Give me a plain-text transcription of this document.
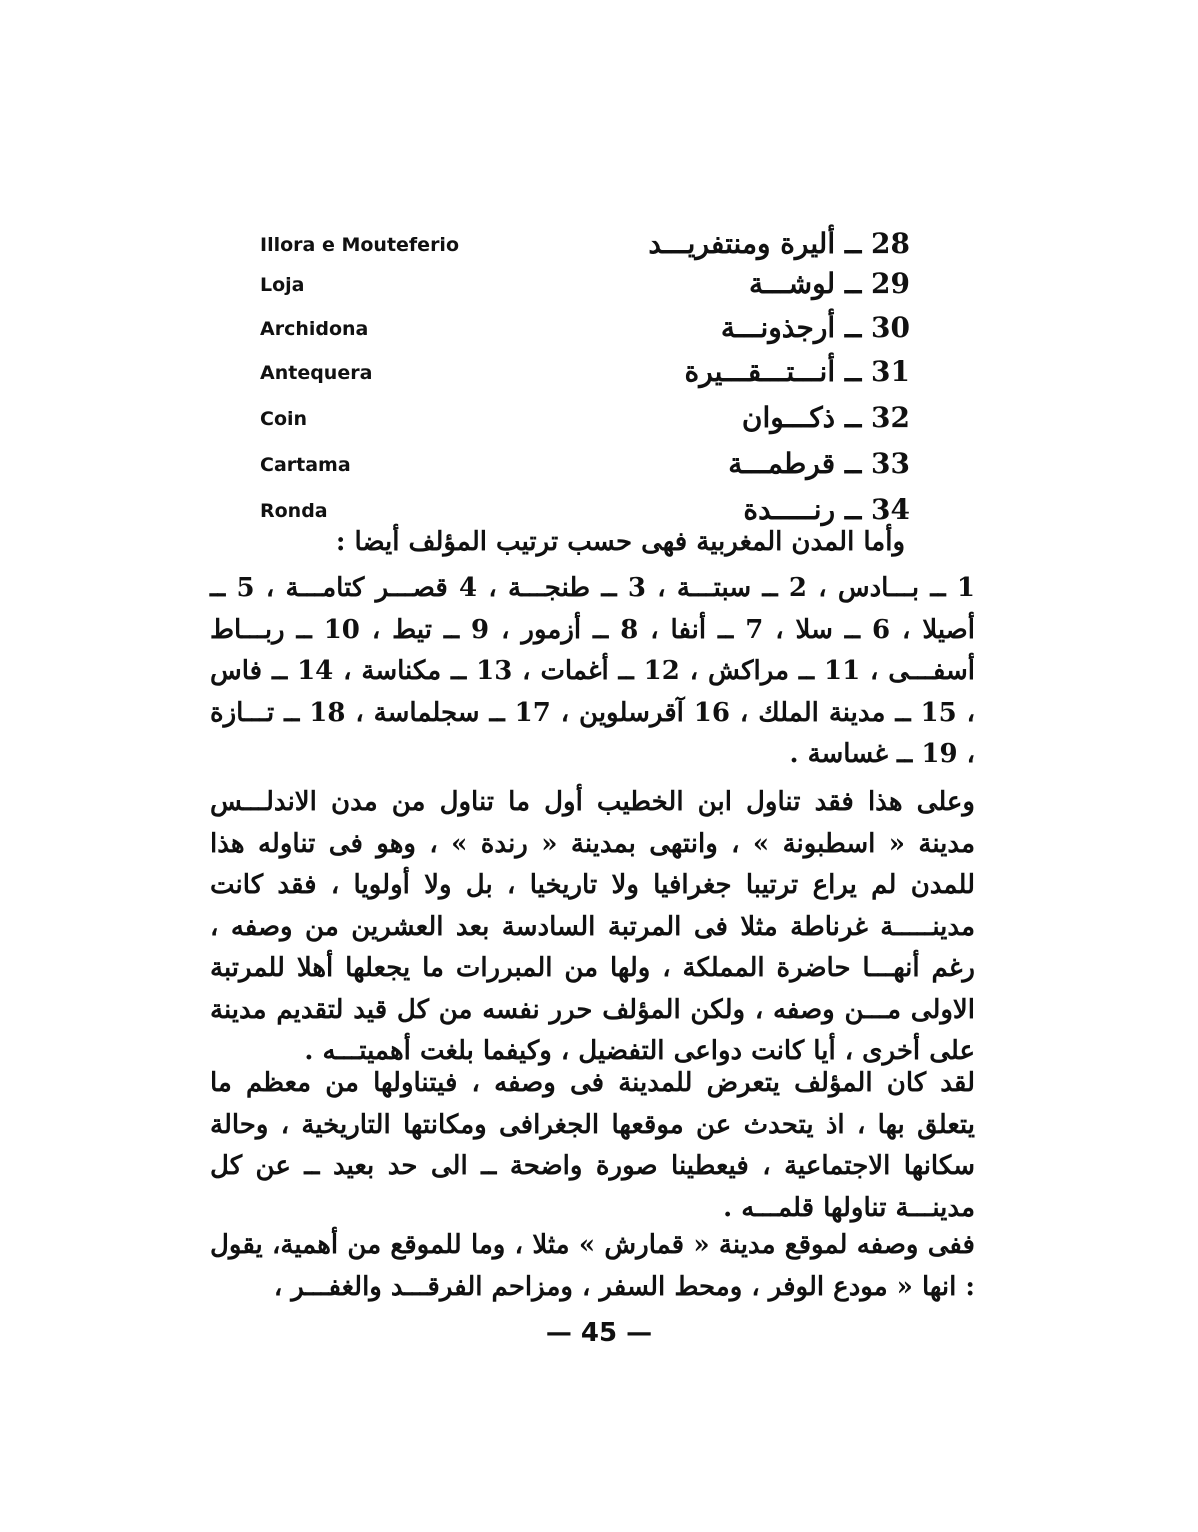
Illora e Mouteferio	28 ــ أليرة ومنتفريـــد
Loja	29 ــ لوشـــة
Archidona	30 ــ أرجذونـــة
Antequera	31 ــ أنـــتـــقـــيرة
Coin	32 ــ ذكـــوان
Cartama	33 ــ قرطمـــة
Ronda	34 ــ رنـــــدة

وأما المدن المغربية فهى حسب ترتيب المؤلف أيضا :

1 ــ بـــادس ، 2 ــ سبتـــة ، 3 ــ طنجـــة ، 4 قصـــر كتامـــة ، 5 ــ أصيلا ، 6 ــ سلا ، 7 ــ أنفا ، 8 ــ أزمور ، 9 ــ تيط ، 10 ــ ربـــاط أسفـــى ، 11 ــ مراكش ، 12 ــ أغمات ، 13 ــ مكناسة ، 14 ــ فاس ، 15 ــ مدينة الملك ، 16 آقرسلوين ، 17 ــ سجلماسة ، 18 ــ تـــازة ، 19 ــ غساسة .

وعلى هذا فقد تناول ابن الخطيب أول ما تناول من مدن الاندلـــس مدينة « اسطبونة » ، وانتهى بمدينة « رندة » ، وهو فى تناوله هذا للمدن لم يراع ترتيبا جغرافيا ولا تاريخيا ، بل ولا أولويا ، فقد كانت مدينـــــة غرناطة مثلا فى المرتبة السادسة بعد العشرين من وصفه ، رغم أنهـــا حاضرة المملكة ، ولها من المبررات ما يجعلها أهلا للمرتبة الاولى مـــن وصفه ، ولكن المؤلف حرر نفسه من كل قيد لتقديم مدينة على أخرى ، أيا كانت دواعى التفضيل ، وكيفما بلغت أهميتـــه .

لقد كان المؤلف يتعرض للمدينة فى وصفه ، فيتناولها من معظم ما يتعلق بها ، اذ يتحدث عن موقعها الجغرافى ومكانتها التاريخية ، وحالة سكانها الاجتماعية ، فيعطينا صورة واضحة ــ الى حد بعيد ــ عن كل مدينـــة تناولها قلمـــه .

ففى وصفه لموقع مدينة « قمارش » مثلا ، وما للموقع من أهمية، يقول : انها « مودع الوفر ، ومحط السفر ، ومزاحم الفرقـــد والغفـــر ،

— 45 —
